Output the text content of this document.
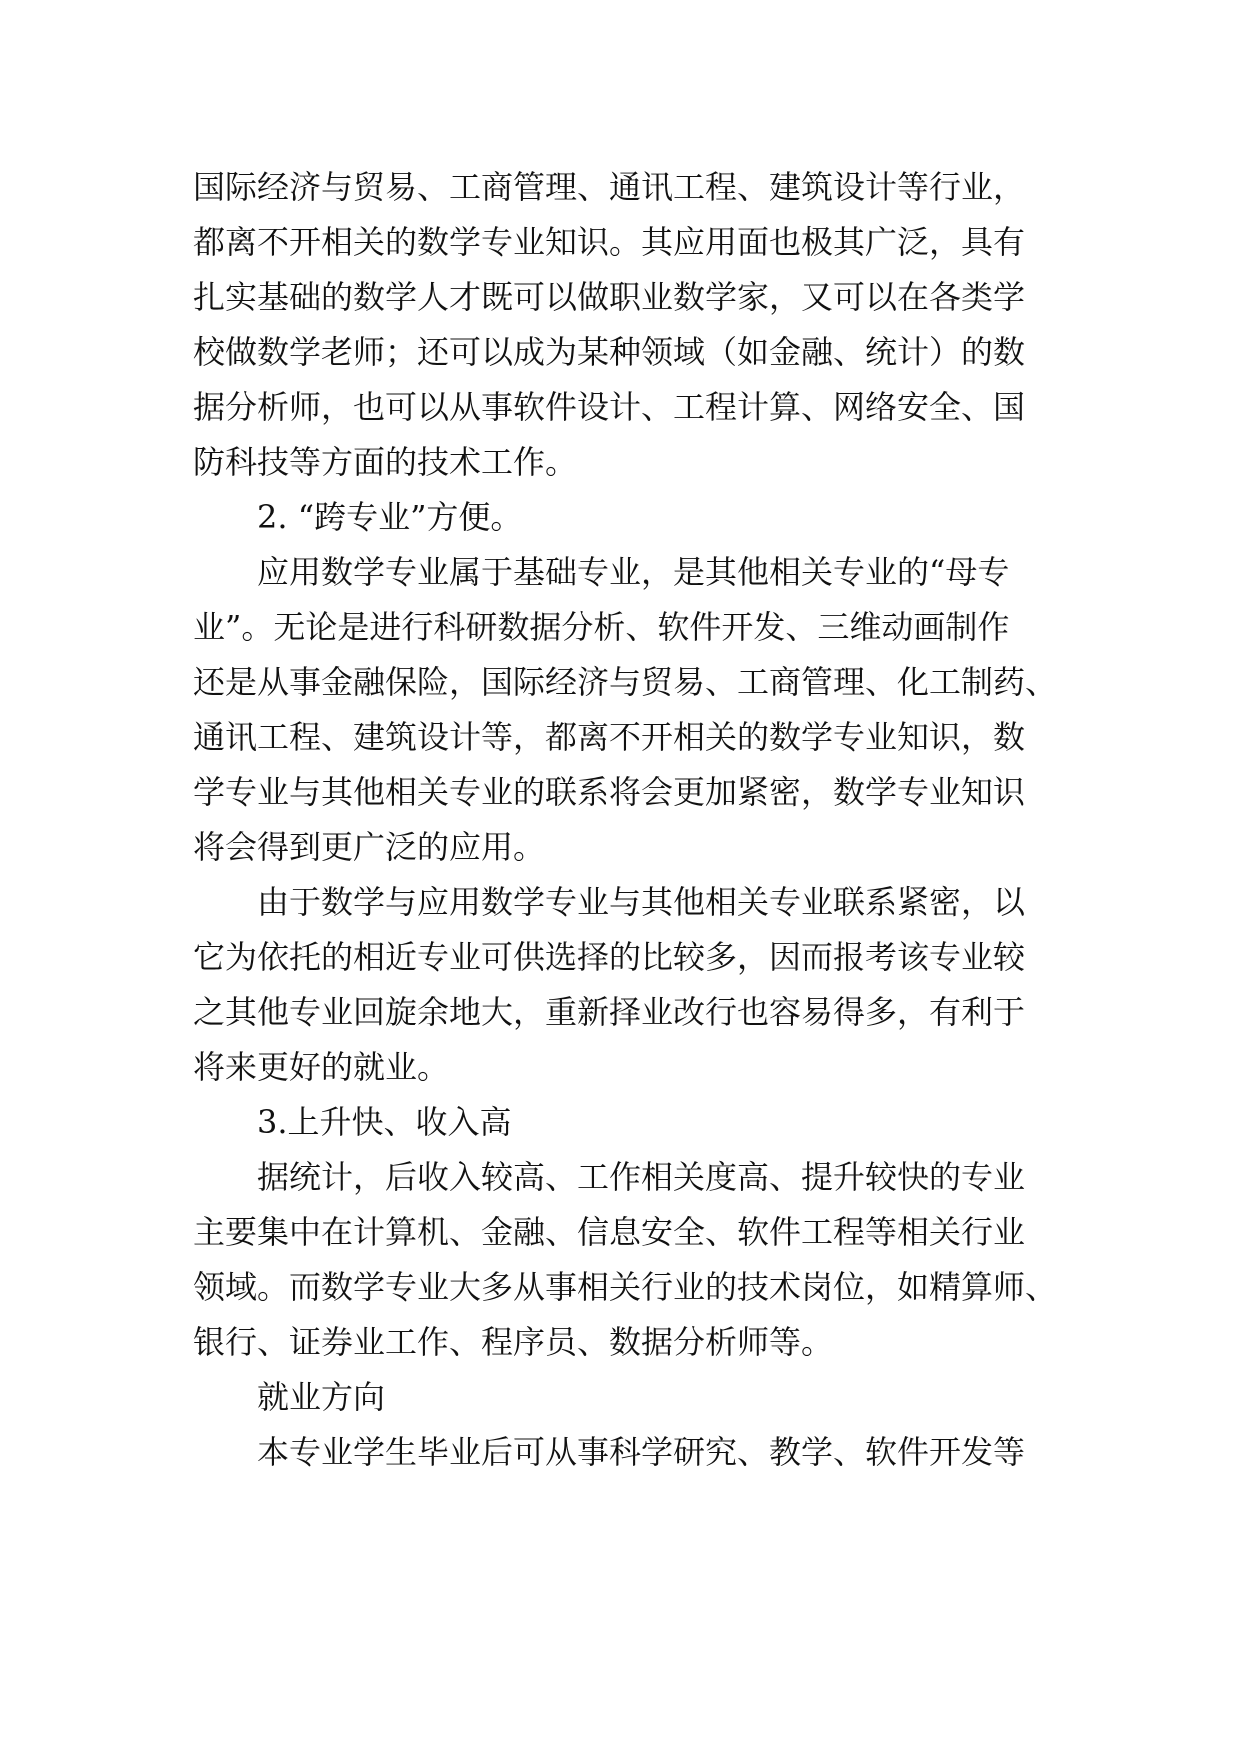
国际经济与贸易、工商管理、通讯工程、建筑设计等行业，
都离不开相关的数学专业知识。其应用面也极其广泛，具有
扎实基础的数学人才既可以做职业数学家，又可以在各类学
校做数学老师；还可以成为某种领域（如金融、统计）的数
据分析师，也可以从事软件设计、工程计算、网络安全、国
防科技等方面的技术工作。
2. “跨专业”方便。
应用数学专业属于基础专业，是其他相关专业的“母专
业”。无论是进行科研数据分析、软件开发、三维动画制作
还是从事金融保险，国际经济与贸易、工商管理、化工制药、
通讯工程、建筑设计等，都离不开相关的数学专业知识，数
学专业与其他相关专业的联系将会更加紧密，数学专业知识
将会得到更广泛的应用。
由于数学与应用数学专业与其他相关专业联系紧密，以
它为依托的相近专业可供选择的比较多，因而报考该专业较
之其他专业回旋余地大，重新择业改行也容易得多，有利于
将来更好的就业。
3.上升快、收入高
据统计，后收入较高、工作相关度高、提升较快的专业
主要集中在计算机、金融、信息安全、软件工程等相关行业
领域。而数学专业大多从事相关行业的技术岗位，如精算师、
银行、证券业工作、程序员、数据分析师等。
就业方向
本专业学生毕业后可从事科学研究、教学、软件开发等
